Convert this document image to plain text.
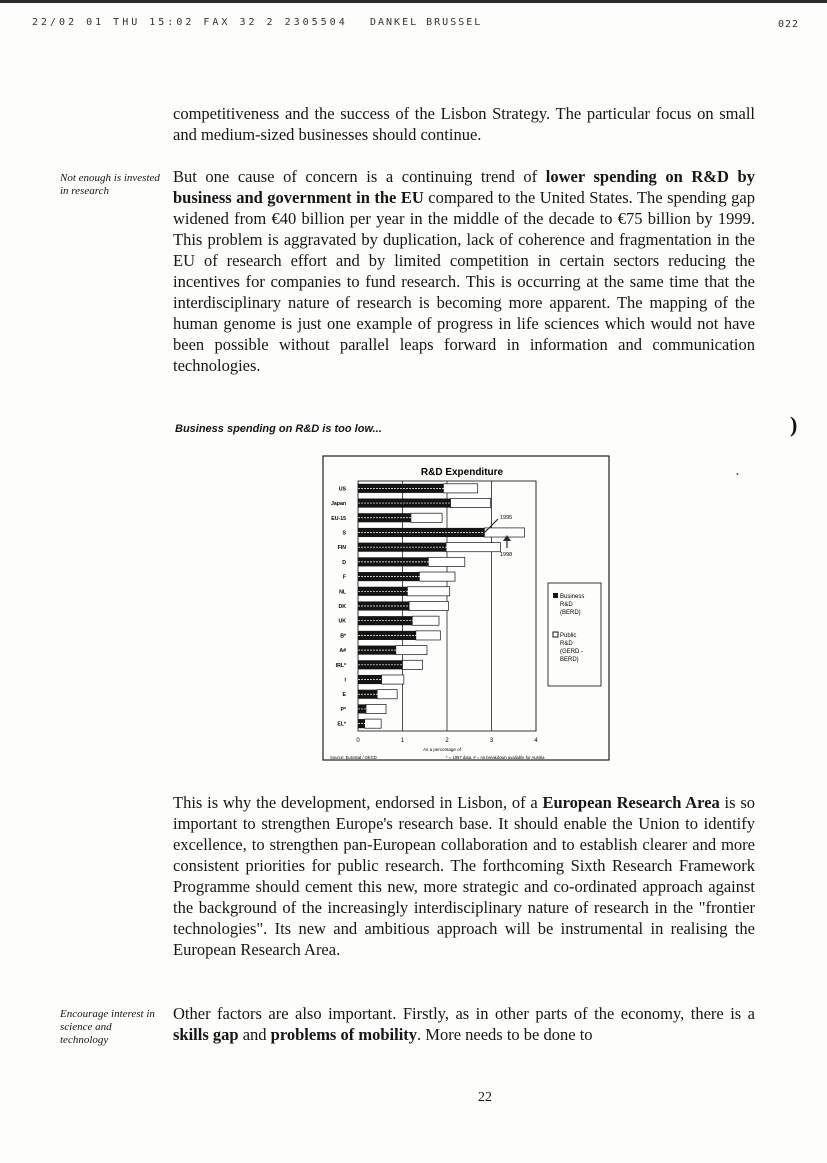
22/02 01 THU 15:02 FAX 32 2 2305504 DANKEL BRUSSEL	022

competitiveness and the success of the Lisbon Strategy. The particular focus on small and medium-sized businesses should continue.

Not enough is invested in research

But one cause of concern is a continuing trend of lower spending on R&D by business and government in the EU compared to the United States. The spending gap widened from €40 billion per year in the middle of the decade to €75 billion by 1999. This problem is aggravated by duplication, lack of coherence and fragmentation in the EU of research effort and by limited competition in certain sectors reducing the incentives for companies to fund research. This is occurring at the same time that the interdisciplinary nature of research is becoming more apparent. The mapping of the human genome is just one example of progress in life sciences which would not have been possible without parallel leaps forward in information and communication technologies.

Business spending on R&D is too low...

R&D Expenditure
US
Japan
EU-15
S
FIN
D
F
NL
DK
UK
B*
A#
IRL*
I
E
P*
EL*
0	1	2	3	4
As a percentage of
Source: Eurostat / OECD	* = 1997 data. # = no breakdown available for Austria
Business
R&D
(BERD)
Public
R&D
(GERD -
BERD)
1995
1998

This is why the development, endorsed in Lisbon, of a European Research Area is so important to strengthen Europe's research base. It should enable the Union to identify excellence, to strengthen pan-European collaboration and to establish clearer and more consistent priorities for public research. The forthcoming Sixth Research Framework Programme should cement this new, more strategic and co-ordinated approach against the background of the increasingly interdisciplinary nature of research in the "frontier technologies". Its new and ambitious approach will be instrumental in realising the European Research Area.

Encourage interest in science and technology

Other factors are also important. Firstly, as in other parts of the economy, there is a skills gap and problems of mobility. More needs to be done to

22
)
•
